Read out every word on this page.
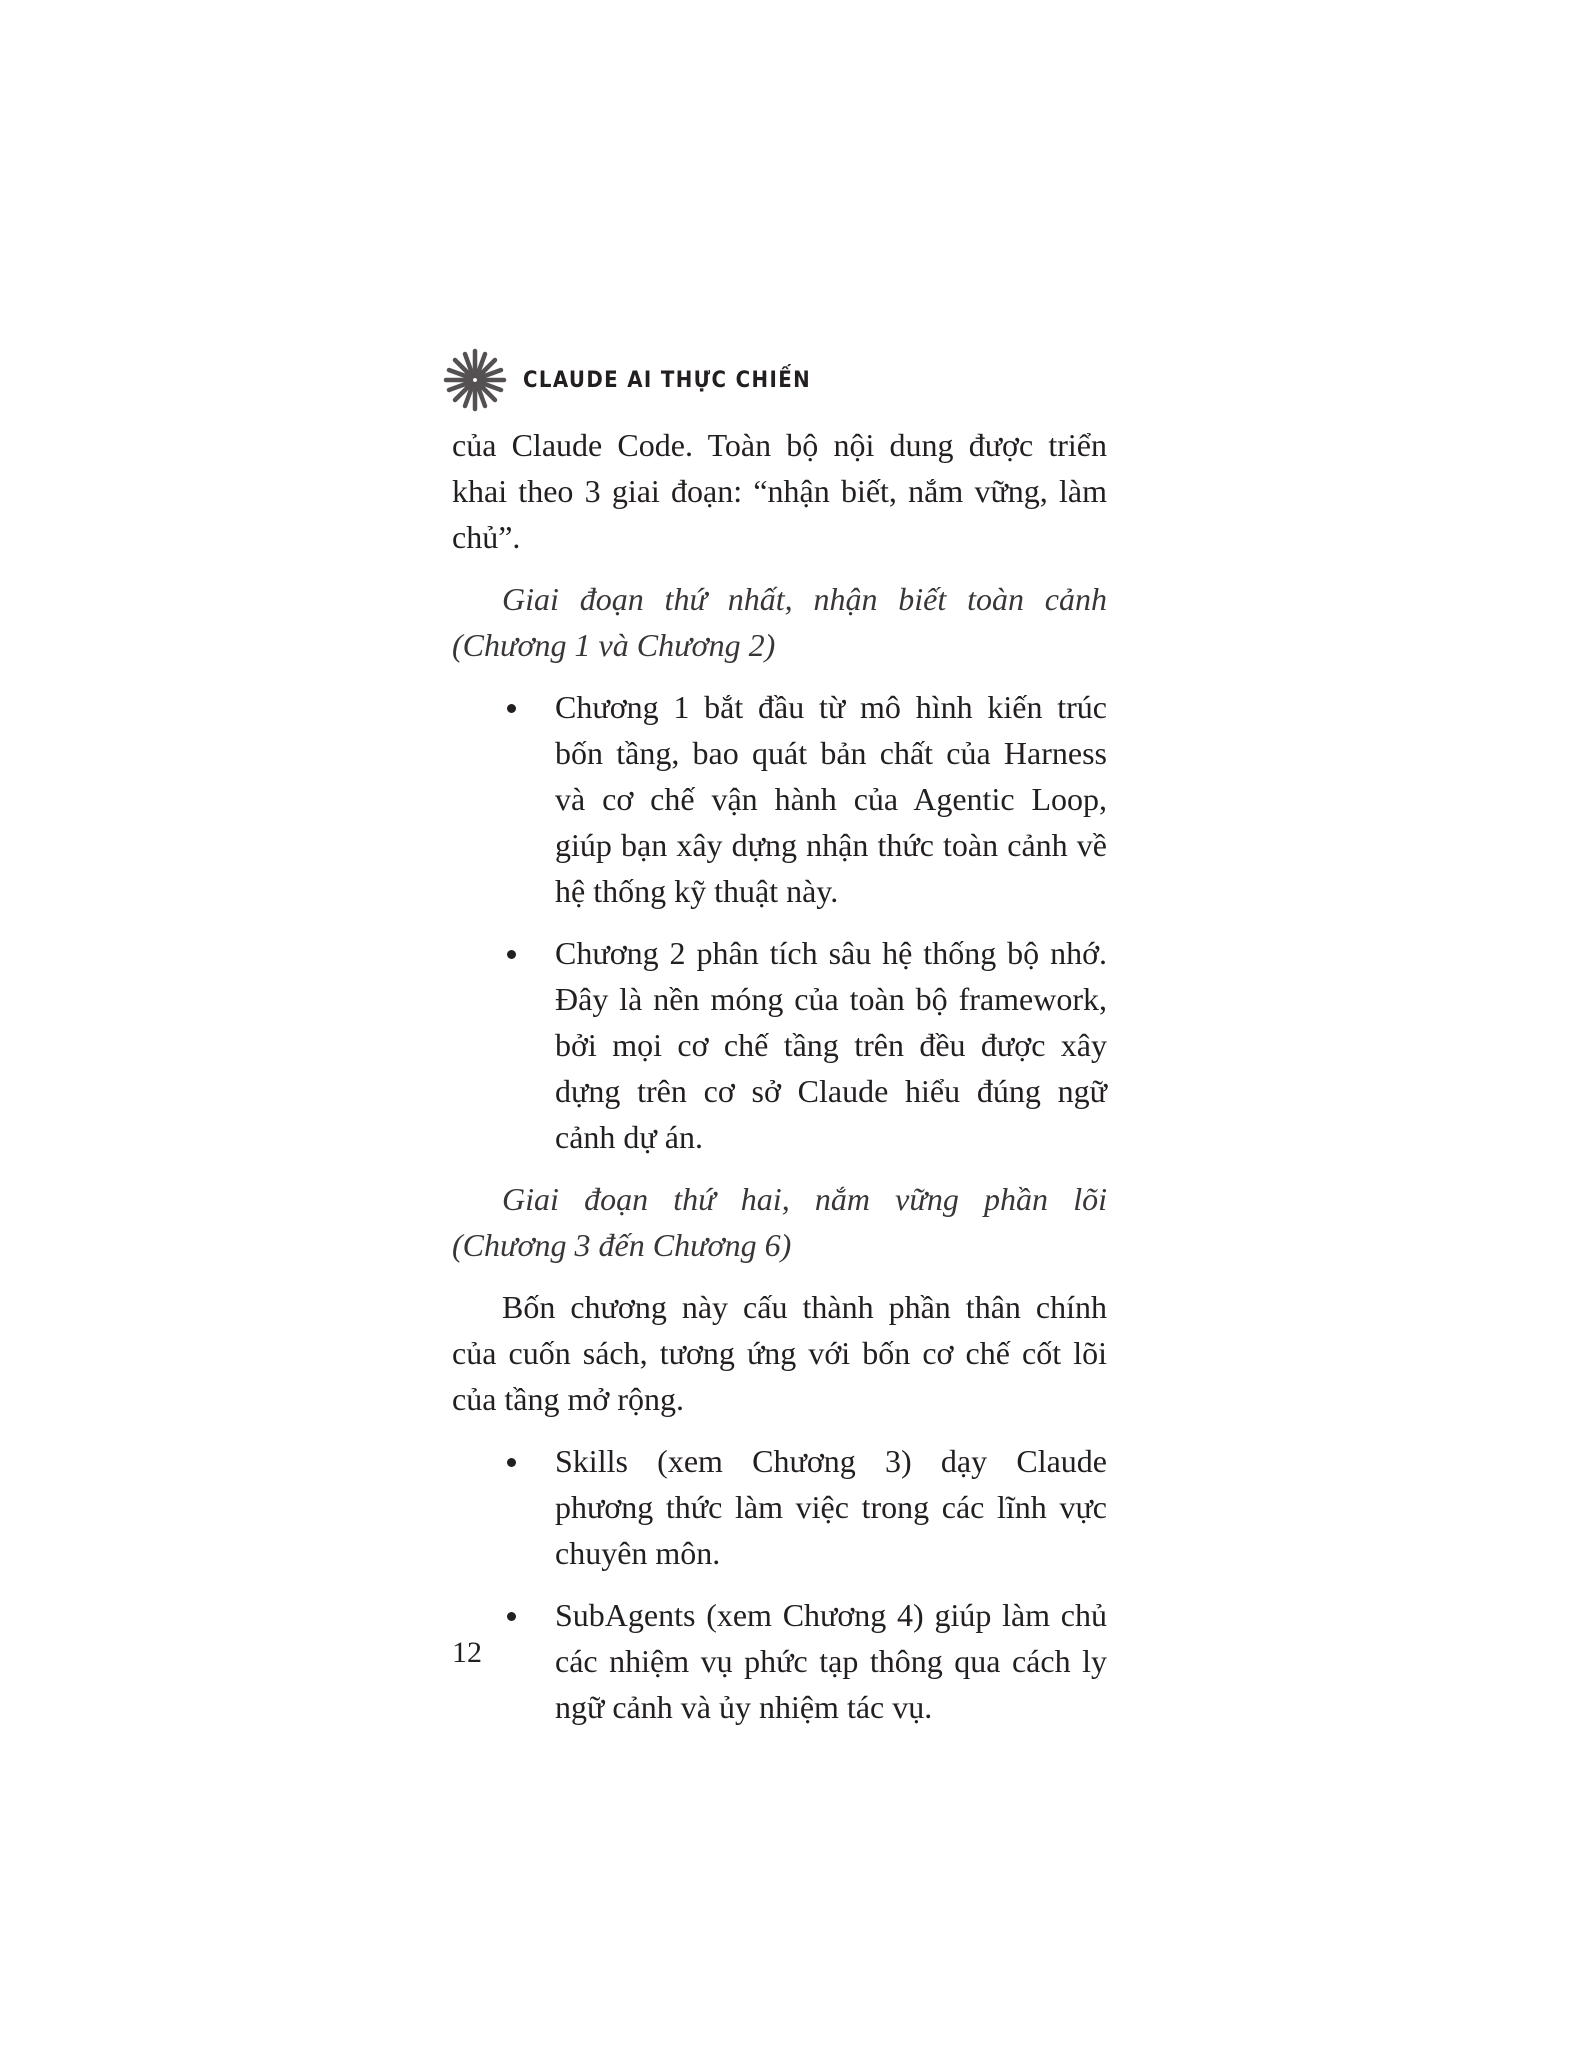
CLAUDE AI THỰC CHIẾN

của Claude Code. Toàn bộ nội dung được triển khai theo 3 giai đoạn: “nhận biết, nắm vững, làm chủ”.

Giai đoạn thứ nhất, nhận biết toàn cảnh (Chương 1 và Chương 2)

Chương 1 bắt đầu từ mô hình kiến trúc bốn tầng, bao quát bản chất của Harness và cơ chế vận hành của Agentic Loop, giúp bạn xây dựng nhận thức toàn cảnh về hệ thống kỹ thuật này.
Chương 2 phân tích sâu hệ thống bộ nhớ. Đây là nền móng của toàn bộ framework, bởi mọi cơ chế tầng trên đều được xây dựng trên cơ sở Claude hiểu đúng ngữ cảnh dự án.

Giai đoạn thứ hai, nắm vững phần lõi (Chương 3 đến Chương 6)

Bốn chương này cấu thành phần thân chính của cuốn sách, tương ứng với bốn cơ chế cốt lõi của tầng mở rộng.

Skills (xem Chương 3) dạy Claude phương thức làm việc trong các lĩnh vực chuyên môn.
SubAgents (xem Chương 4) giúp làm chủ các nhiệm vụ phức tạp thông qua cách ly ngữ cảnh và ủy nhiệm tác vụ.
12
